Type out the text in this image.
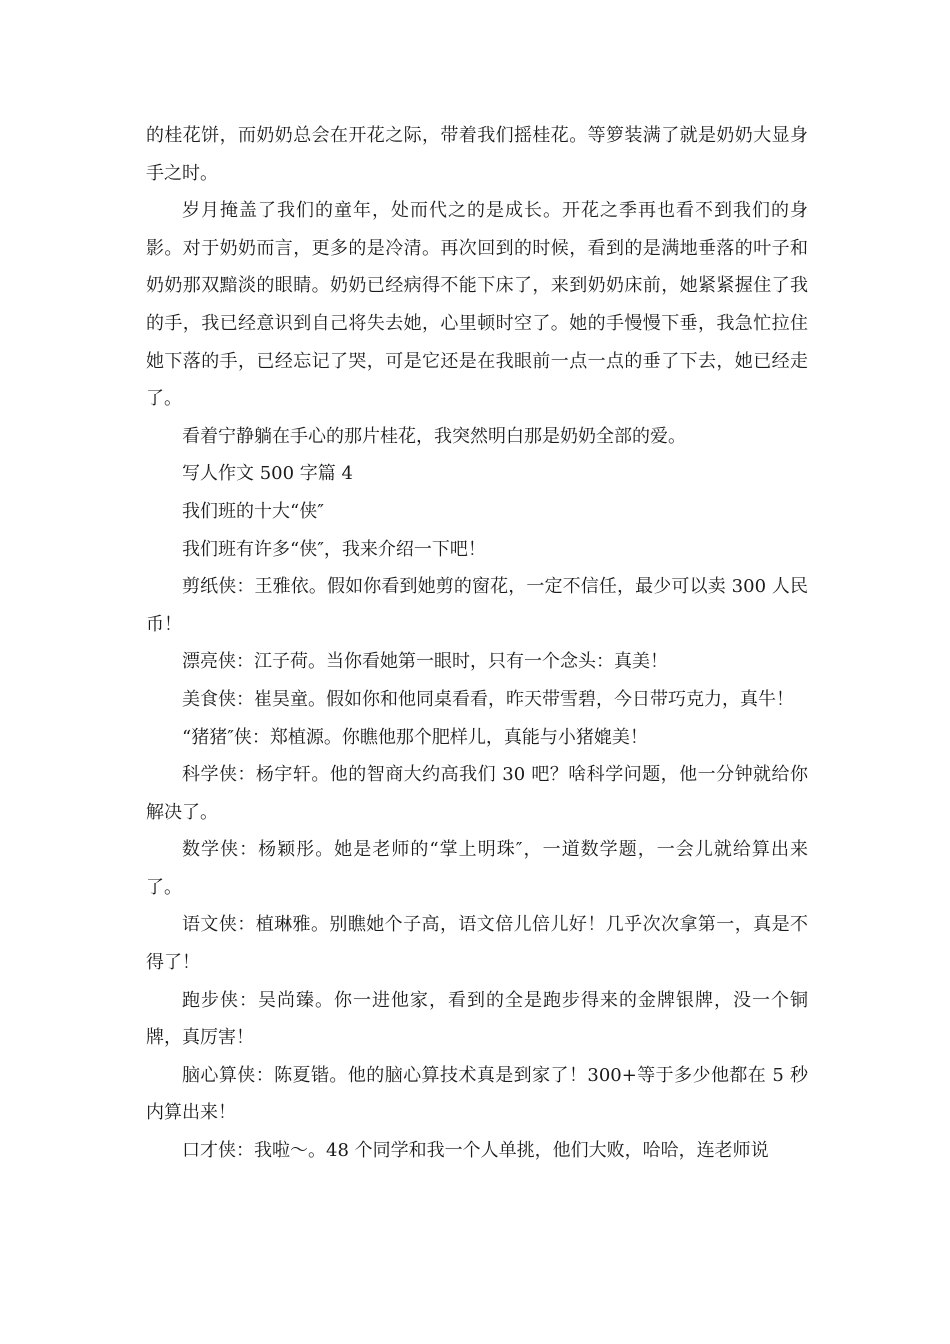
的桂花饼，而奶奶总会在开花之际，带着我们摇桂花。等箩装满了就是奶奶大显身手之时。

岁月掩盖了我们的童年，处而代之的是成长。开花之季再也看不到我们的身影。对于奶奶而言，更多的是冷清。再次回到的时候，看到的是满地垂落的叶子和奶奶那双黯淡的眼睛。奶奶已经病得不能下床了，来到奶奶床前，她紧紧握住了我的手，我已经意识到自己将失去她，心里顿时空了。她的手慢慢下垂，我急忙拉住她下落的手，已经忘记了哭，可是它还是在我眼前一点一点的垂了下去，她已经走了。

看着宁静躺在手心的那片桂花，我突然明白那是奶奶全部的爱。

写人作文 500 字篇 4

我们班的十大“侠″

我们班有许多“侠″，我来介绍一下吧！

剪纸侠：王雅依。假如你看到她剪的窗花，一定不信任，最少可以卖 300 人民币！

漂亮侠：江子荷。当你看她第一眼时，只有一个念头：真美！

美食侠：崔昊童。假如你和他同桌看看，昨天带雪碧，今日带巧克力，真牛！

“猪猪″侠：郑植源。你瞧他那个肥样儿，真能与小猪媲美！

科学侠：杨宇轩。他的智商大约高我们 30 吧？啥科学问题，他一分钟就给你解决了。

数学侠：杨颖彤。她是老师的“掌上明珠″，一道数学题，一会儿就给算出来了。

语文侠：植琳雅。别瞧她个子高，语文倍儿倍儿好！几乎次次拿第一，真是不得了！

跑步侠：吴尚臻。你一进他家，看到的全是跑步得来的金牌银牌，没一个铜牌，真厉害！

脑心算侠：陈夏锴。他的脑心算技术真是到家了！300+等于多少他都在 5 秒内算出来！

口才侠：我啦～。48 个同学和我一个人单挑，他们大败，哈哈，连老师说
